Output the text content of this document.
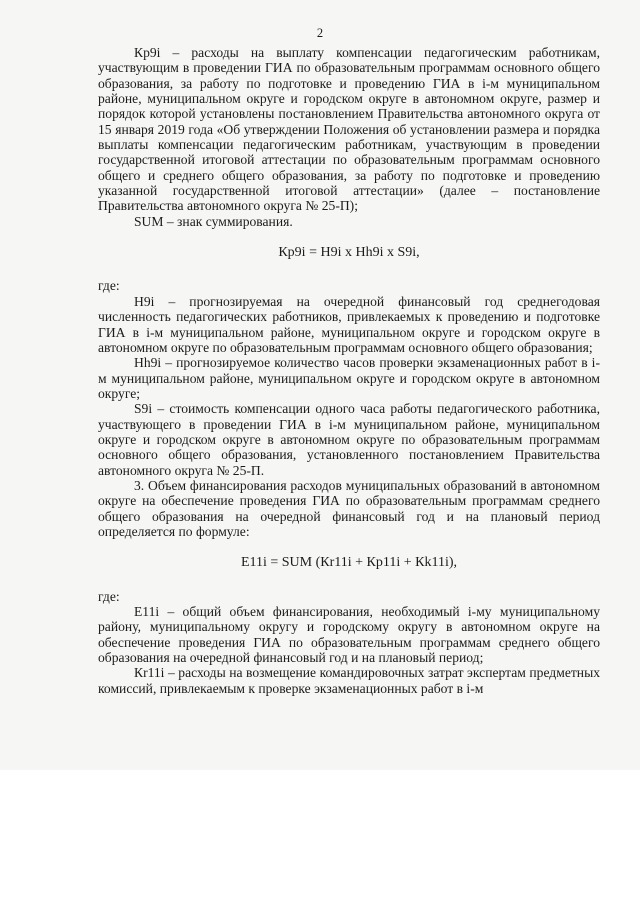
2

Кр9i – расходы на выплату компенсации педагогическим работникам, участвующим в проведении ГИА по образовательным программам основного общего образования, за работу по подготовке и проведению ГИА в i-м муниципальном районе, муниципальном округе и городском округе в автономном округе, размер и порядок которой установлены постановлением Правительства автономного округа от 15 января 2019 года «Об утверждении Положения об установлении размера и порядка выплаты компенсации педагогическим работникам, участвующим в проведении государственной итоговой аттестации по образовательным программам основного общего и среднего общего образования, за работу по подготовке и проведению указанной государственной итоговой аттестации» (далее – постановление Правительства автономного округа № 25-П);

SUM – знак суммирования.

Кр9i = Н9i х Нh9i х S9i,

где:

Н9i – прогнозируемая на очередной финансовый год среднегодовая численность педагогических работников, привлекаемых к проведению и подготовке ГИА в i-м муниципальном районе, муниципальном округе и городском округе в автономном округе по образовательным программам основного общего образования;

Нh9i – прогнозируемое количество часов проверки экзаменационных работ в i-м муниципальном районе, муниципальном округе и городском округе в автономном округе;

S9i – стоимость компенсации одного часа работы педагогического работника, участвующего в проведении ГИА в i-м муниципальном районе, муниципальном округе и городском округе в автономном округе по образовательным программам основного общего образования, установленного постановлением Правительства автономного округа № 25-П.

3. Объем финансирования расходов муниципальных образований в автономном округе на обеспечение проведения ГИА по образовательным программам среднего общего образования на очередной финансовый год и на плановый период определяется по формуле:

E11i = SUM (Кr11i + Кр11i + Кk11i),

где:

E11i – общий объем финансирования, необходимый i-му муниципальному району, муниципальному округу и городскому округу в автономном округе на обеспечение проведения ГИА по образовательным программам среднего общего образования на очередной финансовый год и на плановый период;

Кr11i – расходы на возмещение командировочных затрат экспертам предметных комиссий, привлекаемым к проверке экзаменационных работ в i-м
